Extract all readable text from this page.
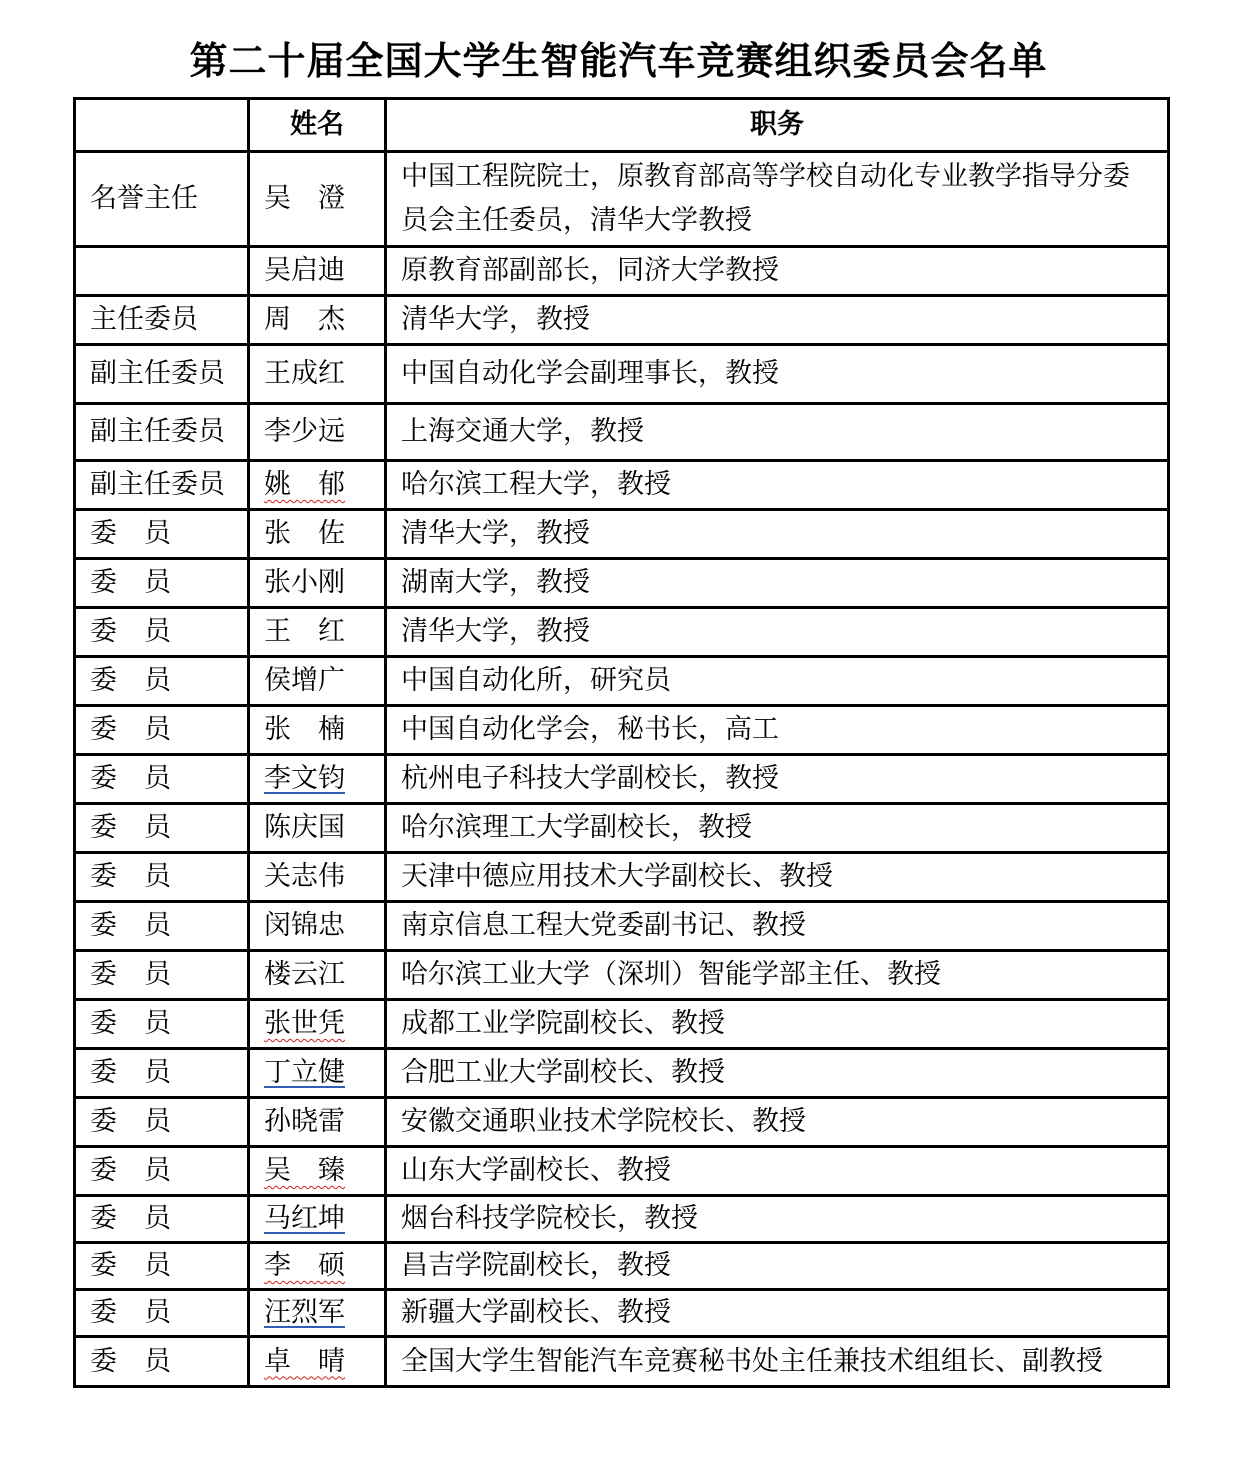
第二十届全国大学生智能汽车竞赛组织委员会名单
	姓名	职务
名誉主任	吴　澄	中国工程院院士，原教育部高等学校自动化专业教学指导分委员会主任委员，清华大学教授
	吴启迪	原教育部副部长，同济大学教授
主任委员	周　杰	清华大学，教授
副主任委员	王成红	中国自动化学会副理事长，教授
副主任委员	李少远	上海交通大学，教授
副主任委员	姚　郁	哈尔滨工程大学，教授
委　员	张　佐	清华大学，教授
委　员	张小刚	湖南大学，教授
委　员	王　红	清华大学，教授
委　员	侯增广	中国自动化所，研究员
委　员	张　楠	中国自动化学会，秘书长，高工
委　员	李文钧	杭州电子科技大学副校长，教授
委　员	陈庆国	哈尔滨理工大学副校长，教授
委　员	关志伟	天津中德应用技术大学副校长、教授
委　员	闵锦忠	南京信息工程大党委副书记、教授
委　员	楼云江	哈尔滨工业大学（深圳）智能学部主任、教授
委　员	张世凭	成都工业学院副校长、教授
委　员	丁立健	合肥工业大学副校长、教授
委　员	孙晓雷	安徽交通职业技术学院校长、教授
委　员	吴　臻	山东大学副校长、教授
委　员	马红坤	烟台科技学院校长，教授
委　员	李　硕	昌吉学院副校长，教授
委　员	汪烈军	新疆大学副校长、教授
委　员	卓　晴	全国大学生智能汽车竞赛秘书处主任兼技术组组长、副教授
